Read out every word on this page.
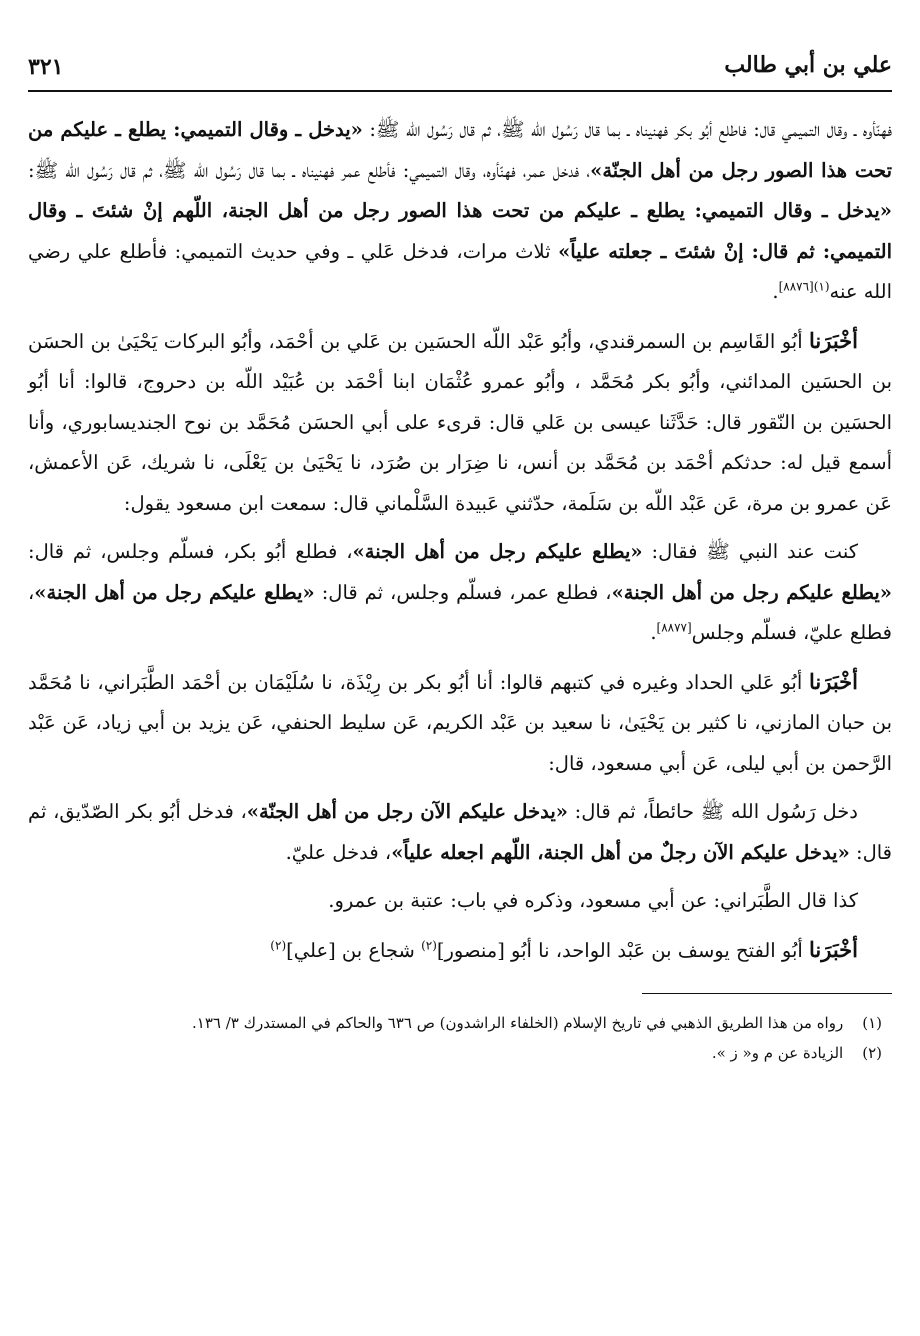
علي بن أبي طالب
٣٢١

فهنّأوه ـ وقال التميمي قال: فاطلع أبُو بكر فهنيناه ـ بما قال رَسُول الله ﷺ، ثم قال رَسُول الله ﷺ: «يدخل ـ وقال التميمي: يطلع ـ عليكم من تحت هذا الصور رجل من أهل الجنّة»، فدخل عمر، فهنّأوه، وقال التميمي: فأطلع عمر فهنيناه ـ بما قال رَسُول الله ﷺ، ثم قال رَسُول الله ﷺ: «يدخل ـ وقال التميمي: يطلع ـ عليكم من تحت هذا الصور رجل من أهل الجنة، اللّهم إنْ شئتَ ـ وقال التميمي: ثم قال: إنْ شئتَ ـ جعلته علياً» ثلاث مرات، فدخل عَلي ـ وفي حديث التميمي: فأطلع علي رضي الله عنه$^{(١)[٨٨٧٦]}$.

أخْبَرَنا أبُو القَاسِم بن السمرقندي، وأبُو عَبْد اللّه الحسَين بن عَلي بن أحْمَد، وأبُو البركات يَحْيَىٰ بن الحسَن بن الحسَين المدائني، وأبُو بكر مُحَمَّد ، وأبُو عمرو عُثْمَان ابنا أحْمَد بن عُبَيْد اللّه بن دحروج، قالوا: أنا أبُو الحسَين بن النّقور قال: حَدَّثَنا عيسى بن عَلي قال: قرىء على أبي الحسَن مُحَمَّد بن نوح الجنديسابوري، وأنا أسمع قيل له: حدثكم أحْمَد بن مُحَمَّد بن أنس، نا ضِرَار بن صُرَد، نا يَحْيَىٰ بن يَعْلَى، نا شريك، عَن الأعمش، عَن عمرو بن مرة، عَن عَبْد اللّه بن سَلَمة، حدّثني عَبيدة السَّلْماني قال: سمعت ابن مسعود يقول:

كنت عند النبي ﷺ فقال: «يطلع عليكم رجل من أهل الجنة»، فطلع أبُو بكر، فسلّم وجلس، ثم قال: «يطلع عليكم رجل من أهل الجنة»، فطلع عمر، فسلّم وجلس، ثم قال: «يطلع عليكم رجل من أهل الجنة»، فطلع عليّ، فسلّم وجلس[٨٨٧٧].

أخْبَرَنا أبُو عَلي الحداد وغيره في كتبهم قالوا: أنا أبُو بكر بن رِيْذَة، نا سُلَيْمَان بن أحْمَد الطَّبَراني، نا مُحَمَّد بن حبان المازني، نا كثير بن يَحْيَىٰ، نا سعيد بن عَبْد الكريم، عَن سليط الحنفي، عَن يزيد بن أبي زياد، عَن عَبْد الرَّحمن بن أبي ليلى، عَن أبي مسعود، قال:

دخل رَسُول الله ﷺ حائطاً، ثم قال: «يدخل عليكم الآن رجل من أهل الجنّة»، فدخل أبُو بكر الصّدّيق، ثم قال: «يدخل عليكم الآن رجلٌ من أهل الجنة، اللّهم اجعله علياً»، فدخل عليّ.

كذا قال الطَّبَراني: عن أبي مسعود، وذكره في باب: عتبة بن عمرو.

أخْبَرَنا أبُو الفتح يوسف بن عَبْد الواحد، نا أبُو [منصور]$^{(٢)}$ شجاع بن [علي]$^{(٢)}$

(١) رواه من هذا الطريق الذهبي في تاريخ الإسلام (الخلفاء الراشدون) ص ٦٣٦ والحاكم في المستدرك ٣/ ١٣٦.

(٢) الزيادة عن م و« ز ».
